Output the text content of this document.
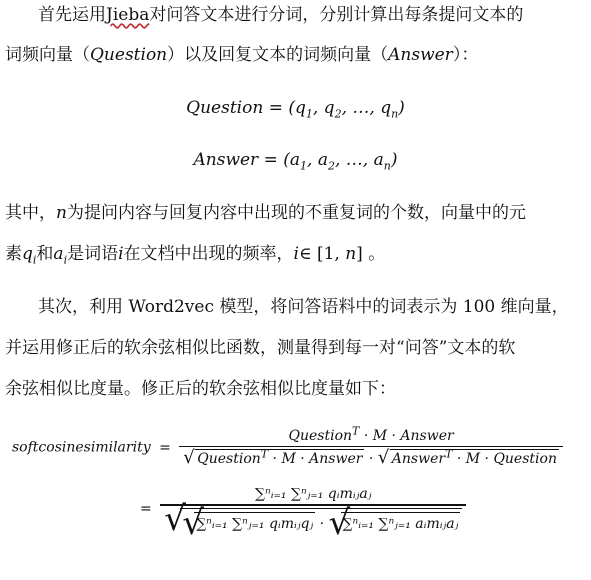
首先运用Jieba对问答文本进行分词，分别计算出每条提问文本的
词频向量（Question）以及回复文本的词频向量（Answer）：
Question = ($q_1$, $q_2$, …, $q_n$)
Answer = ($a_1$, $a_2$, …, $a_n$)
其中，n为提问内容与回复内容中出现的不重复词的个数，向量中的元
素$q_i$和$a_i$是词语i在文档中出现的频率，i∈ [1, n] 。
其次，利用 Word2vec 模型，将问答语料中的词表示为 100 维向量，
并运用修正后的软余弦相似比函数，测量得到每一对“问答”文本的软
余弦相似比度量。修正后的软余弦相似比度量如下：
softcosinesimilarity = $\frac{Question^T \cdot M \cdot Answer}{√ Question^T \cdot M \cdot Answer \cdot √ Answer^T \cdot M \cdot Question}$
= ∑ⁿᵢ₌₁ ∑ⁿⱼ₌₁ qᵢmᵢⱼaⱼ
√
√
∑ⁿᵢ₌₁ ∑ⁿⱼ₌₁ qᵢmᵢⱼqⱼ · √
∑ⁿᵢ₌₁ ∑ⁿⱼ₌₁ aᵢmᵢⱼaⱼ
